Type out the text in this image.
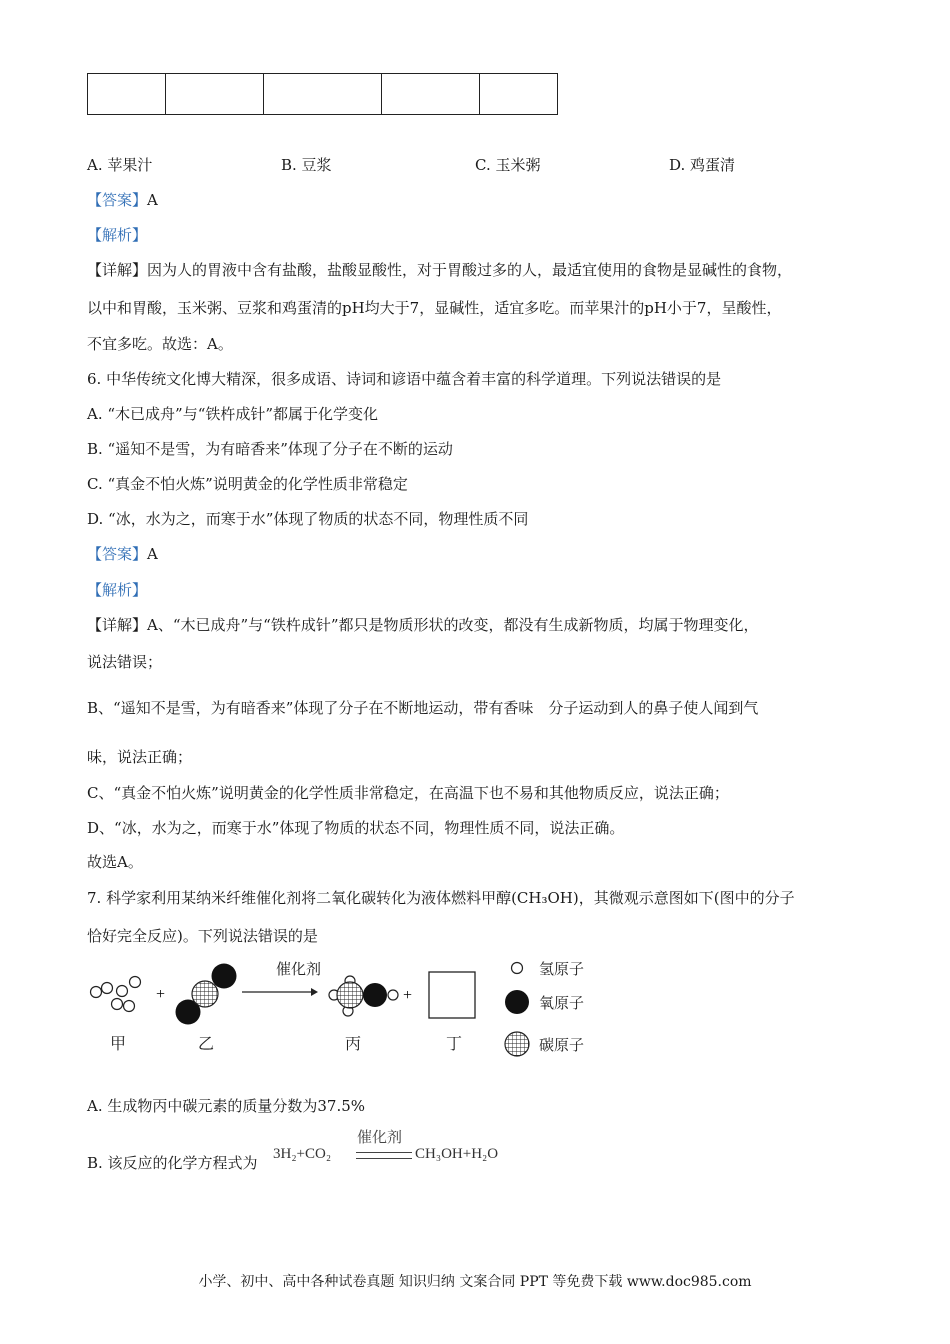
A. 苹果汁	B. 豆浆	C. 玉米粥	D. 鸡蛋清
【答案】A
【解析】
【详解】因为人的胃液中含有盐酸，盐酸显酸性，对于胃酸过多的人，最适宜使用的食物是显碱性的食物，
以中和胃酸，玉米粥、豆浆和鸡蛋清的pH均大于7，显碱性，适宜多吃。而苹果汁的pH小于7，呈酸性，
不宜多吃。故选：A。
6. 中华传统文化博大精深，很多成语、诗词和谚语中蕴含着丰富的科学道理。下列说法错误的是
A. “木已成舟”与“铁杵成针”都属于化学变化
B. “遥知不是雪，为有暗香来”体现了分子在不断的运动
C. “真金不怕火炼”说明黄金的化学性质非常稳定
D. “冰，水为之，而寒于水”体现了物质的状态不同，物理性质不同
【答案】A
【解析】
【详解】A、“木已成舟”与“铁杵成针”都只是物质形状的改变，都没有生成新物质，均属于物理变化，
说法错误；
B、“遥知不是雪，为有暗香来”体现了分子在不断地运动，带有香味　分子运动到人的鼻子使人闻到气
味，说法正确；
C、“真金不怕火炼”说明黄金的化学性质非常稳定，在高温下也不易和其他物质反应，说法正确；
D、“冰，水为之，而寒于水”体现了物质的状态不同，物理性质不同，说法正确。
故选A。
7. 科学家利用某纳米纤维催化剂将二氧化碳转化为液体燃料甲醇(CH₃OH)，其微观示意图如下(图中的分子
恰好完全反应)。下列说法错误的是
+
催化剂
+
甲	乙	丙	丁
氢原子
氧原子
碳原子
A. 生成物丙中碳元素的质量分数为37.5%
B. 该反应的化学方程式为 3H₂+CO₂
催化剂
CH₃OH+H₂O
小学、初中、高中各种试卷真题 知识归纳 文案合同 PPT 等免费下载 www.doc985.com
